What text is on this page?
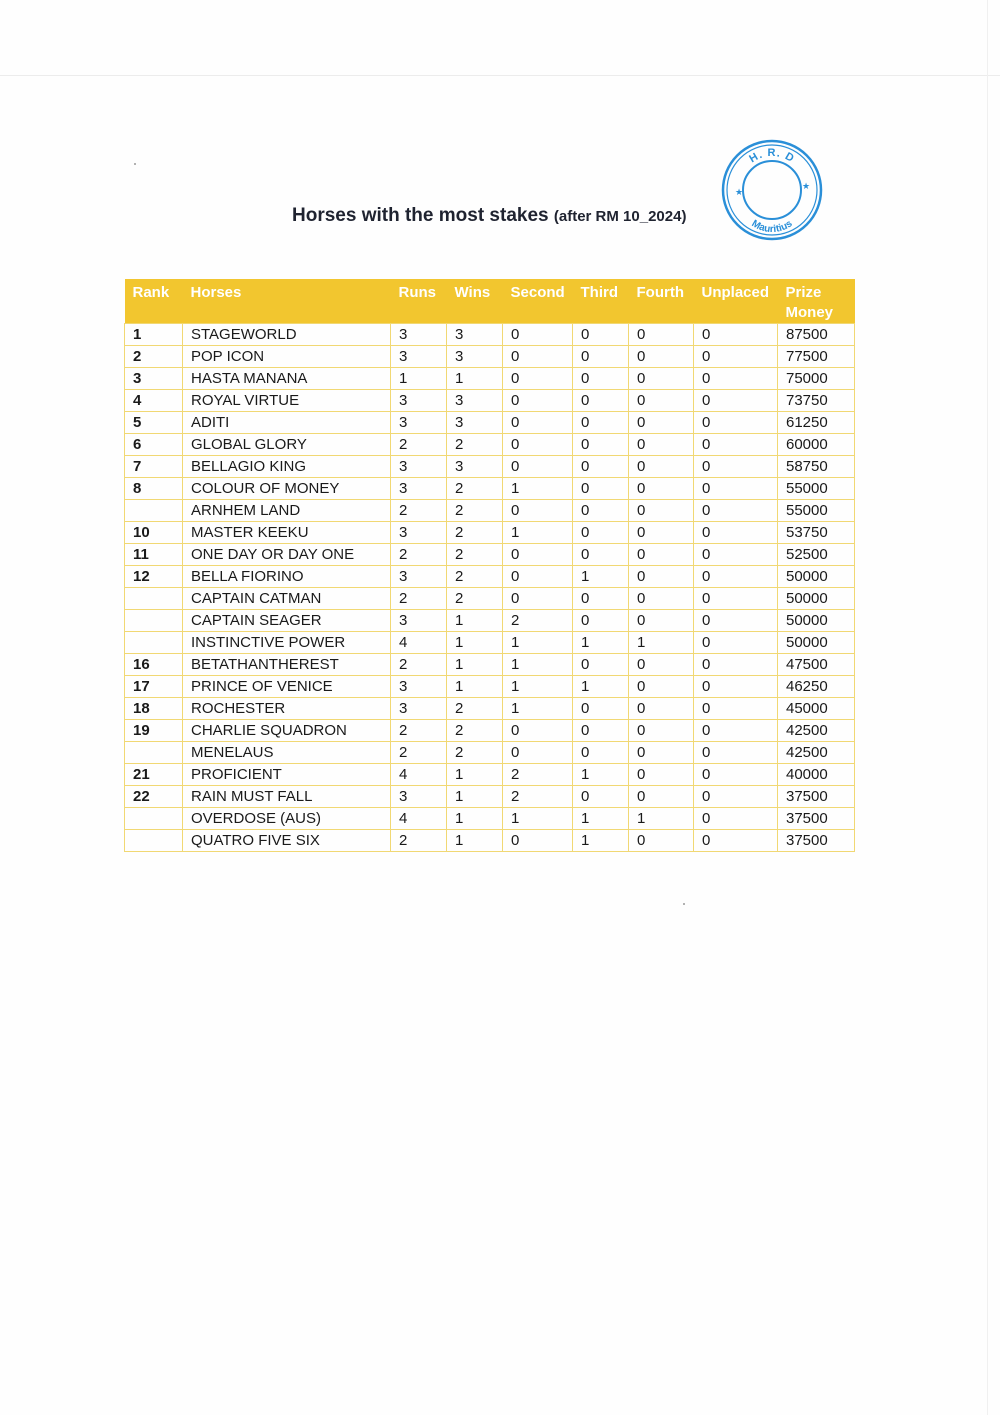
Horses with the most stakes (after RM 10_2024)
H. R. D
Mauritius
★
★
Rank	Horses	Runs	Wins	Second	Third	Fourth	Unplaced	Prize Money
1	STAGEWORLD	3	3	0	0	0	0	87500
2	POP ICON	3	3	0	0	0	0	77500
3	HASTA MANANA	1	1	0	0	0	0	75000
4	ROYAL VIRTUE	3	3	0	0	0	0	73750
5	ADITI	3	3	0	0	0	0	61250
6	GLOBAL GLORY	2	2	0	0	0	0	60000
7	BELLAGIO KING	3	3	0	0	0	0	58750
8	COLOUR OF MONEY	3	2	1	0	0	0	55000
	ARNHEM LAND	2	2	0	0	0	0	55000
10	MASTER KEEKU	3	2	1	0	0	0	53750
11	ONE DAY OR DAY ONE	2	2	0	0	0	0	52500
12	BELLA FIORINO	3	2	0	1	0	0	50000
	CAPTAIN CATMAN	2	2	0	0	0	0	50000
	CAPTAIN SEAGER	3	1	2	0	0	0	50000
	INSTINCTIVE POWER	4	1	1	1	1	0	50000
16	BETATHANTHEREST	2	1	1	0	0	0	47500
17	PRINCE OF VENICE	3	1	1	1	0	0	46250
18	ROCHESTER	3	2	1	0	0	0	45000
19	CHARLIE SQUADRON	2	2	0	0	0	0	42500
	MENELAUS	2	2	0	0	0	0	42500
21	PROFICIENT	4	1	2	1	0	0	40000
22	RAIN MUST FALL	3	1	2	0	0	0	37500
	OVERDOSE (AUS)	4	1	1	1	1	0	37500
	QUATRO FIVE SIX	2	1	0	1	0	0	37500
